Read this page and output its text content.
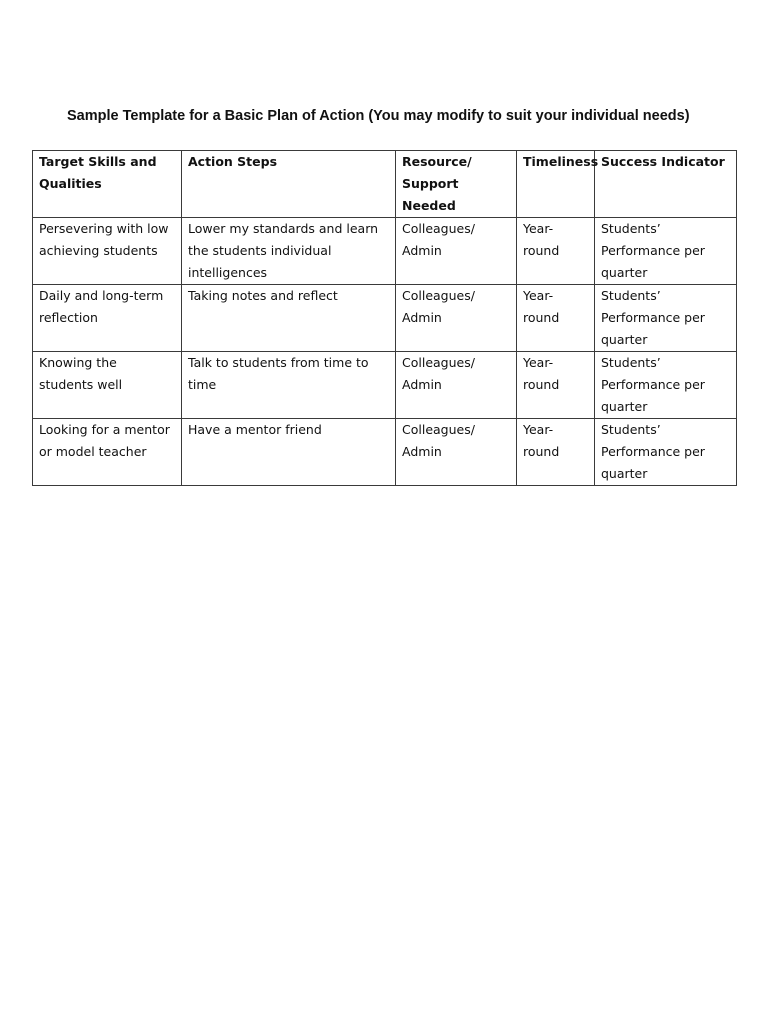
Sample Template for a Basic Plan of Action (You may modify to suit your individual needs)
Target Skills and Qualities	Action Steps	Resource/ Support Needed	Timeliness	Success Indicator
Persevering with low achieving students	Lower my standards and learn the students individual intelligences	Colleagues/ Admin	Year-round	Students’ Performance per quarter
Daily and long-term reflection	Taking notes and reflect	Colleagues/ Admin	Year-round	Students’ Performance per quarter
Knowing the students well	Talk to students from time to time	Colleagues/ Admin	Year-round	Students’ Performance per quarter
Looking for a mentor or model teacher	Have a mentor friend	Colleagues/ Admin	Year-round	Students’ Performance per quarter
